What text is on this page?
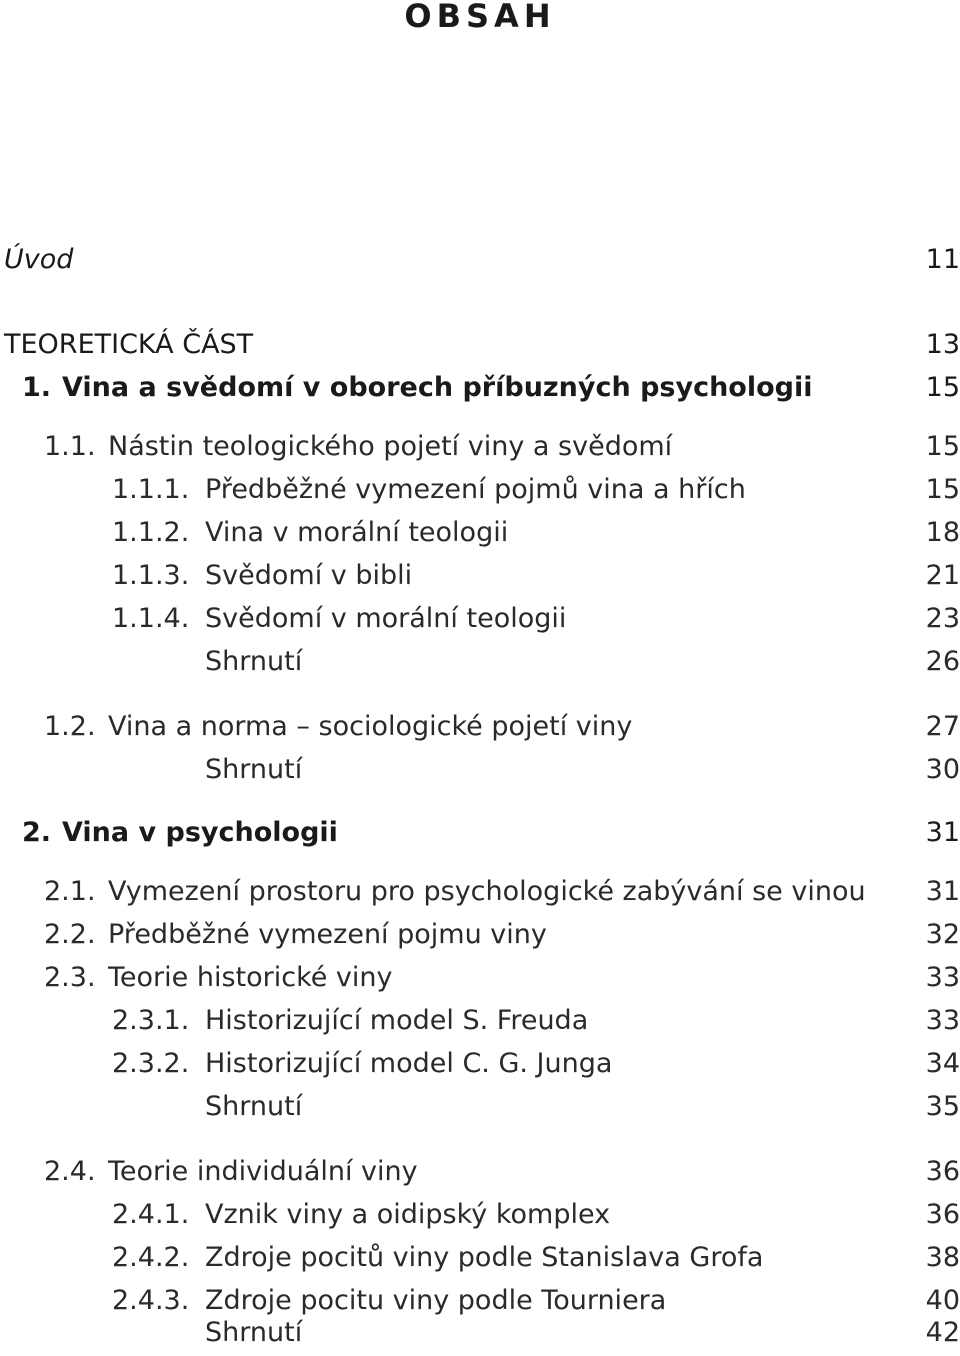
OBSAH
Úvod	11
TEORETICKÁ ČÁST	13
1. Vina a svědomí v oborech příbuzných psychologii	15
1.1. Nástin teologického pojetí viny a svědomí	15
1.1.1. Předběžné vymezení pojmů vina a hřích	15
1.1.2. Vina v morální teologii	18
1.1.3. Svědomí v bibli	21
1.1.4. Svědomí v morální teologii	23
Shrnutí	26
1.2. Vina a norma – sociologické pojetí viny	27
Shrnutí	30
2. Vina v psychologii	31
2.1. Vymezení prostoru pro psychologické zabývání se vinou 31
2.2. Předběžné vymezení pojmu viny	32
2.3. Teorie historické viny	33
2.3.1. Historizující model S. Freuda	33
2.3.2. Historizující model C. G. Junga	34
Shrnutí	35
2.4. Teorie individuální viny	36
2.4.1. Vznik viny a oidipský komplex	36
2.4.2. Zdroje pocitů viny podle Stanislava Grofa	38
2.4.3. Zdroje pocitu viny podle Tourniera	40
Shrnutí	42
